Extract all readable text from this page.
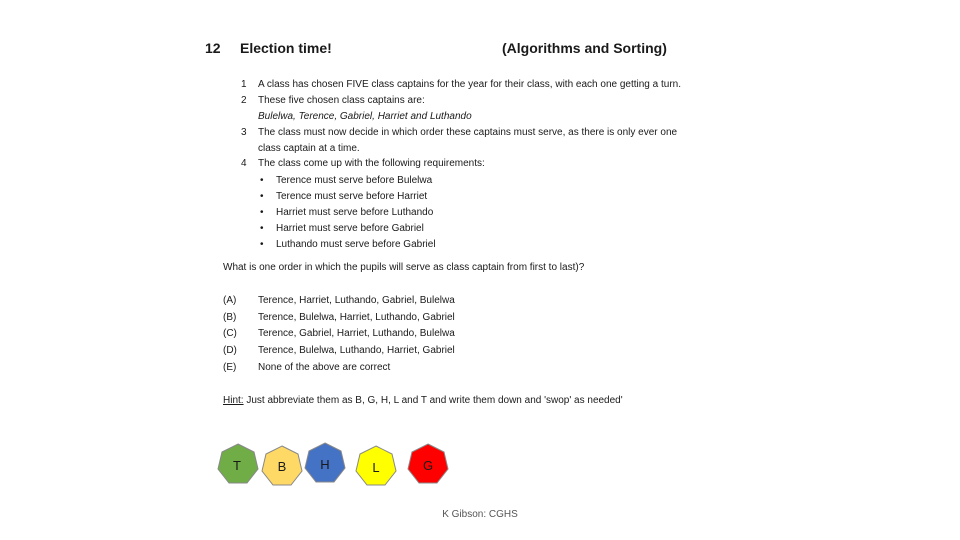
12 Election time!	(Algorithms and Sorting)
1 A class has chosen FIVE class captains for the year for their class, with each one getting a turn.
2 These five chosen class captains are:
Bulelwa, Terence, Gabriel, Harriet and Luthando
3 The class must now decide in which order these captains must serve, as there is only ever one
class captain at a time.
4 The class come up with the following requirements:
• Terence must serve before Bulelwa
• Terence must serve before Harriet
• Harriet must serve before Luthando
• Harriet must serve before Gabriel
• Luthando must serve before Gabriel
What is one order in which the pupils will serve as class captain from first to last)?
(A) Terence, Harriet, Luthando, Gabriel, Bulelwa
(B) Terence, Bulelwa, Harriet, Luthando, Gabriel
(C) Terence, Gabriel, Harriet, Luthando, Bulelwa
(D) Terence, Bulelwa, Luthando, Harriet, Gabriel
(E) None of the above are correct
Hint: Just abbreviate them as B, G, H, L and T and write them down and 'swop' as needed'
T	B	H	L	G
K Gibson: CGHS
